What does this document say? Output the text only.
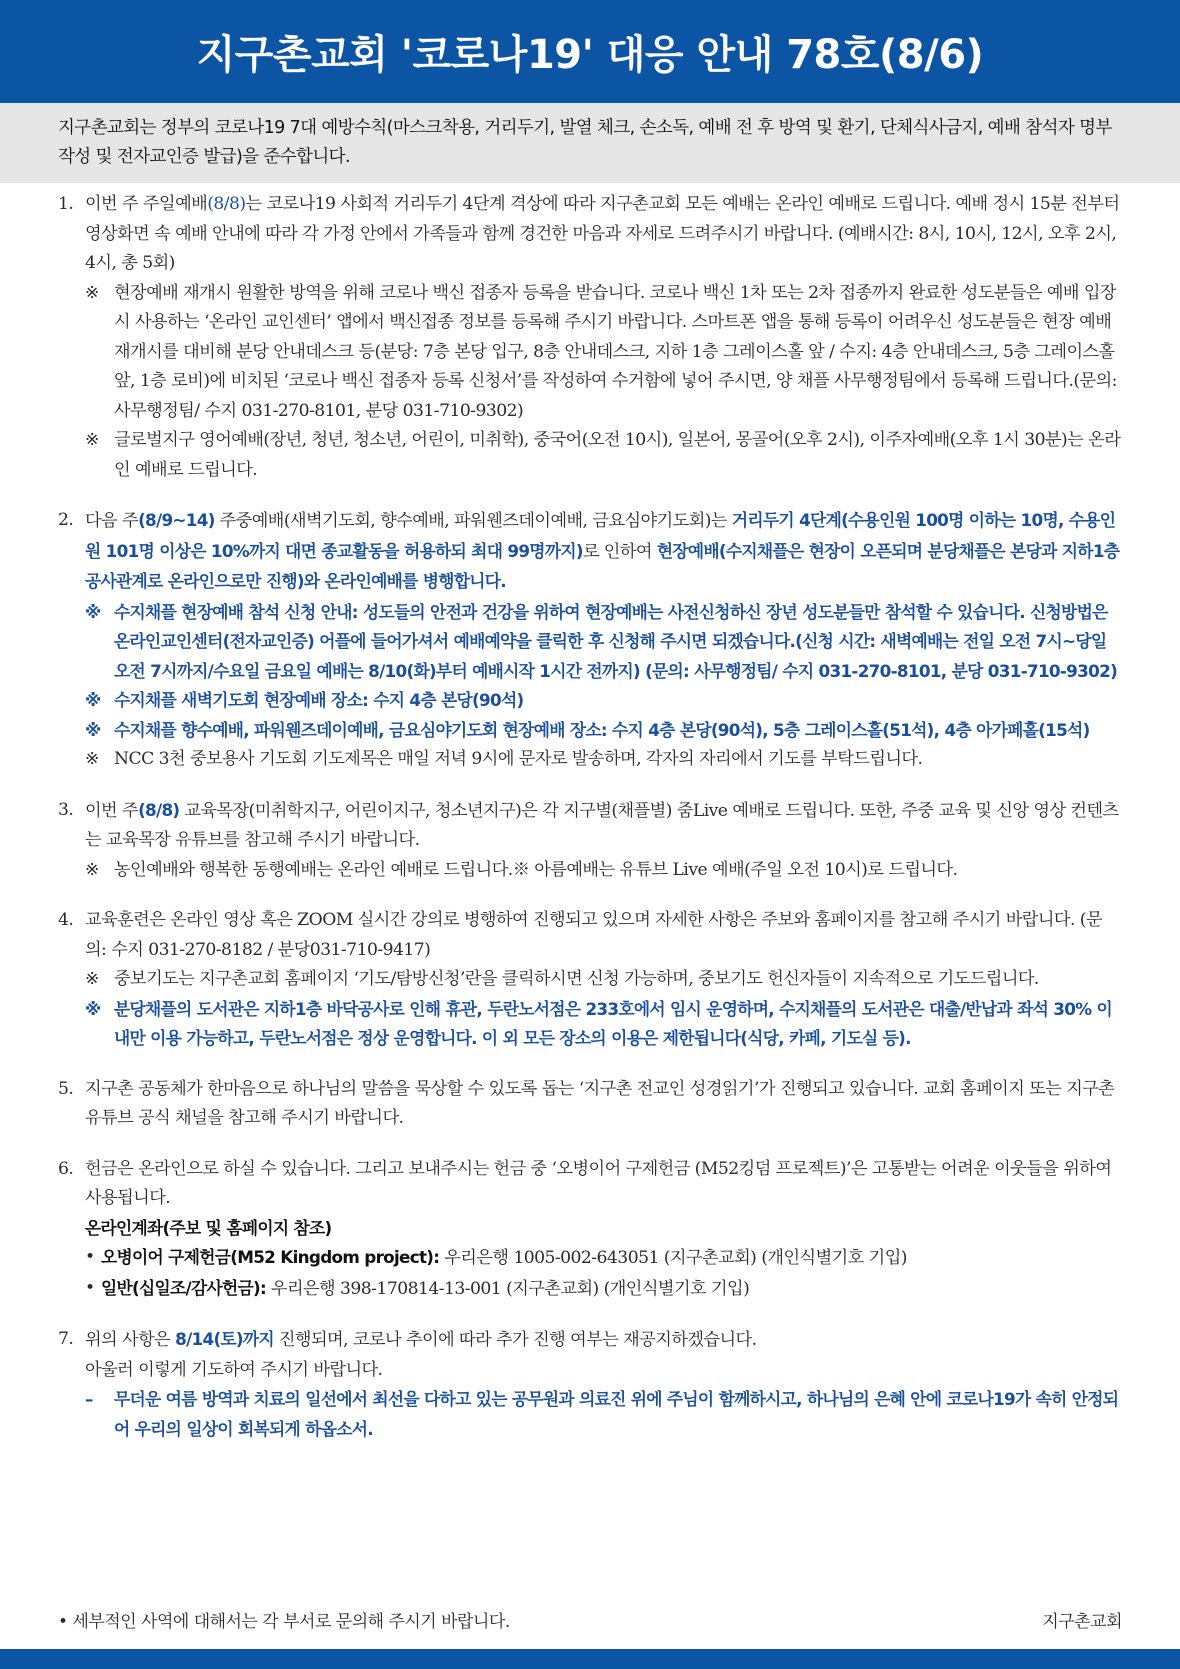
지구촌교회 '코로나19' 대응 안내 78호(8/6)

지구촌교회는 정부의 코로나19 7대 예방수칙(마스크착용, 거리두기, 발열 체크, 손소독, 예배 전 후 방역 및 환기, 단체식사금지, 예배 참석자 명부 작성 및 전자교인증 발급)을 준수합니다.

1. 이번 주 주일예배(8/8)는 코로나19 사회적 거리두기 4단계 격상에 따라 지구촌교회 모든 예배는 온라인 예배로 드립니다. 예배 정시 15분 전부터 영상화면 속 예배 안내에 따라 각 가정 안에서 가족들과 함께 경건한 마음과 자세로 드려주시기 바랍니다. (예배시간: 8시, 10시, 12시, 오후 2시, 4시, 총 5회)

※ 현장예배 재개시 원활한 방역을 위해 코로나 백신 접종자 등록을 받습니다. 코로나 백신 1차 또는 2차 접종까지 완료한 성도분들은 예배 입장 시 사용하는 ‘온라인 교인센터’ 앱에서 백신접종 정보를 등록해 주시기 바랍니다. 스마트폰 앱을 통해 등록이 어려우신 성도분들은 현장 예배 재개시를 대비해 분당 안내데스크 등(분당: 7층 본당 입구, 8층 안내데스크, 지하 1층 그레이스홀 앞 / 수지: 4층 안내데스크, 5층 그레이스홀 앞, 1층 로비)에 비치된 ‘코로나 백신 접종자 등록 신청서’를 작성하여 수거함에 넣어 주시면, 양 채플 사무행정팀에서 등록해 드립니다.(문의: 사무행정팀/ 수지 031-270-8101, 분당 031-710-9302)
※ 글로벌지구 영어예배(장년, 청년, 청소년, 어린이, 미취학), 중국어(오전 10시), 일본어, 몽골어(오후 2시), 이주자예배(오후 1시 30분)는 온라인 예배로 드립니다.
2. 다음 주(8/9~14) 주중예배(새벽기도회, 향수예배, 파워웬즈데이예배, 금요심야기도회)는 거리두기 4단계(수용인원 100명 이하는 10명, 수용인원 101명 이상은 10%까지 대면 종교활동을 허용하되 최대 99명까지)로 인하여 현장예배(수지채플은 현장이 오픈되며 분당채플은 본당과 지하1층 공사관계로 온라인으로만 진행)와 온라인예배를 병행합니다.

※ 수지채플 현장예배 참석 신청 안내: 성도들의 안전과 건강을 위하여 현장예배는 사전신청하신 장년 성도분들만 참석할 수 있습니다. 신청방법은 온라인교인센터(전자교인증) 어플에 들어가셔서 예배예약을 클릭한 후 신청해 주시면 되겠습니다.(신청 시간: 새벽예배는 전일 오전 7시~당일 오전 7시까지/수요일 금요일 예배는 8/10(화)부터 예배시작 1시간 전까지) (문의: 사무행정팀/ 수지 031-270-8101, 분당 031-710-9302)
※ 수지채플 새벽기도회 현장예배 장소: 수지 4층 본당(90석)
※ 수지채플 향수예배, 파워웬즈데이예배, 금요심야기도회 현장예배 장소: 수지 4층 본당(90석), 5층 그레이스홀(51석), 4층 아가페홀(15석)
※ NCC 3천 중보용사 기도회 기도제목은 매일 저녁 9시에 문자로 발송하며, 각자의 자리에서 기도를 부탁드립니다.
3. 이번 주(8/8) 교육목장(미취학지구, 어린이지구, 청소년지구)은 각 지구별(채플별) 줌Live 예배로 드립니다. 또한, 주중 교육 및 신앙 영상 컨텐츠는 교육목장 유튜브를 참고해 주시기 바랍니다.

※ 농인예배와 행복한 동행예배는 온라인 예배로 드립니다.※ 아름예배는 유튜브 Live 예배(주일 오전 10시)로 드립니다.
4. 교육훈련은 온라인 영상 혹은 ZOOM 실시간 강의로 병행하여 진행되고 있으며 자세한 사항은 주보와 홈페이지를 참고해 주시기 바랍니다. (문의: 수지 031-270-8182 / 분당031-710-9417)

※ 중보기도는 지구촌교회 홈페이지 ‘기도/탐방신청’란을 클릭하시면 신청 가능하며, 중보기도 헌신자들이 지속적으로 기도드립니다.
※ 분당채플의 도서관은 지하1층 바닥공사로 인해 휴관, 두란노서점은 233호에서 임시 운영하며, 수지채플의 도서관은 대출/반납과 좌석 30% 이내만 이용 가능하고, 두란노서점은 정상 운영합니다. 이 외 모든 장소의 이용은 제한됩니다(식당, 카페, 기도실 등).
5. 지구촌 공동체가 한마음으로 하나님의 말씀을 묵상할 수 있도록 돕는 ‘지구촌 전교인 성경읽기’가 진행되고 있습니다. 교회 홈페이지 또는 지구촌 유튜브 공식 채널을 참고해 주시기 바랍니다.

6. 헌금은 온라인으로 하실 수 있습니다. 그리고 보내주시는 헌금 중 ‘오병이어 구제헌금 (M52킹덤 프로젝트)’은 고통받는 어려운 이웃들을 위하여 사용됩니다.

온라인계좌(주보 및 홈페이지 참조)

• 오병이어 구제헌금(M52 Kingdom project): 우리은행 1005-002-643051 (지구촌교회) (개인식별기호 기입)
• 일반(십일조/감사헌금): 우리은행 398-170814-13-001 (지구촌교회) (개인식별기호 기입)
7. 위의 사항은 8/14(토)까지 진행되며, 코로나 추이에 따라 추가 진행 여부는 재공지하겠습니다.

아울러 이렇게 기도하여 주시기 바랍니다.

–	무더운 여름 방역과 치료의 일선에서 최선을 다하고 있는 공무원과 의료진 위에 주님이 함께하시고, 하나님의 은혜 안에 코로나19가 속히 안정되어 우리의 일상이 회복되게 하옵소서.
• 세부적인 사역에 대해서는 각 부서로 문의해 주시기 바랍니다.	지구촌교회
